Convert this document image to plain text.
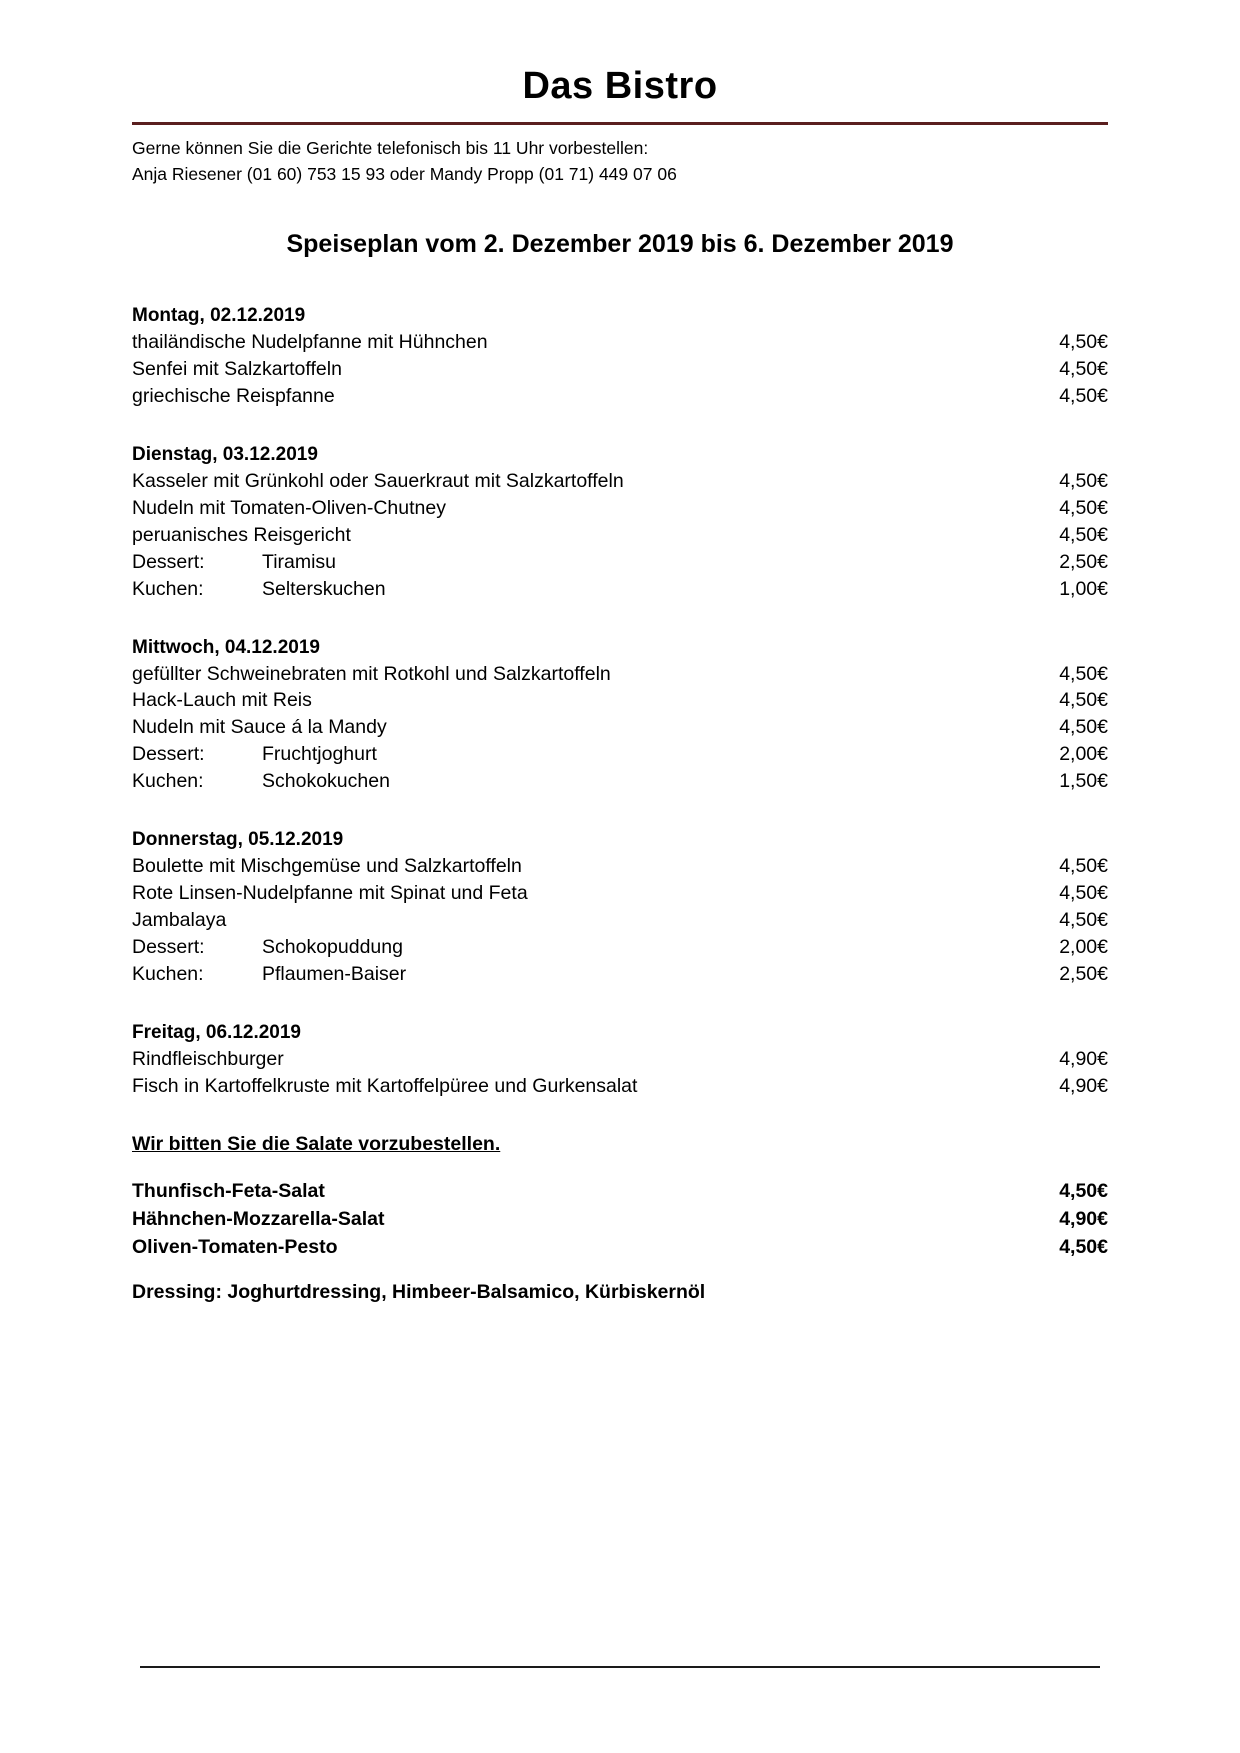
Das Bistro
Gerne können Sie die Gerichte telefonisch bis 11 Uhr vorbestellen:
Anja Riesener (01 60) 753 15 93 oder Mandy Propp (01 71) 449 07 06
Speiseplan vom 2. Dezember 2019 bis 6. Dezember 2019
Montag, 02.12.2019
thailändische Nudelpfanne mit Hühnchen	4,50€
Senfei mit Salzkartoffeln	4,50€
griechische Reispfanne	4,50€
Dienstag, 03.12.2019
Kasseler mit Grünkohl oder Sauerkraut mit Salzkartoffeln	4,50€
Nudeln mit Tomaten-Oliven-Chutney	4,50€
peruanisches Reisgericht	4,50€
Dessert:	Tiramisu	2,50€
Kuchen:	Selterskuchen	1,00€
Mittwoch, 04.12.2019
gefüllter Schweinebraten mit Rotkohl und Salzkartoffeln	4,50€
Hack-Lauch mit Reis	4,50€
Nudeln mit Sauce á la Mandy	4,50€
Dessert:	Fruchtjoghurt	2,00€
Kuchen:	Schokokuchen	1,50€
Donnerstag, 05.12.2019
Boulette mit Mischgemüse und Salzkartoffeln	4,50€
Rote Linsen-Nudelpfanne mit Spinat und Feta	4,50€
Jambalaya	4,50€
Dessert:	Schokopuddung	2,00€
Kuchen:	Pflaumen-Baiser	2,50€
Freitag, 06.12.2019
Rindfleischburger	4,90€
Fisch in Kartoffelkruste mit Kartoffelpüree und Gurkensalat	4,90€
Wir bitten Sie die Salate vorzubestellen.
Thunfisch-Feta-Salat	4,50€
Hähnchen-Mozzarella-Salat	4,90€
Oliven-Tomaten-Pesto	4,50€
Dressing: Joghurtdressing, Himbeer-Balsamico, Kürbiskernöl
